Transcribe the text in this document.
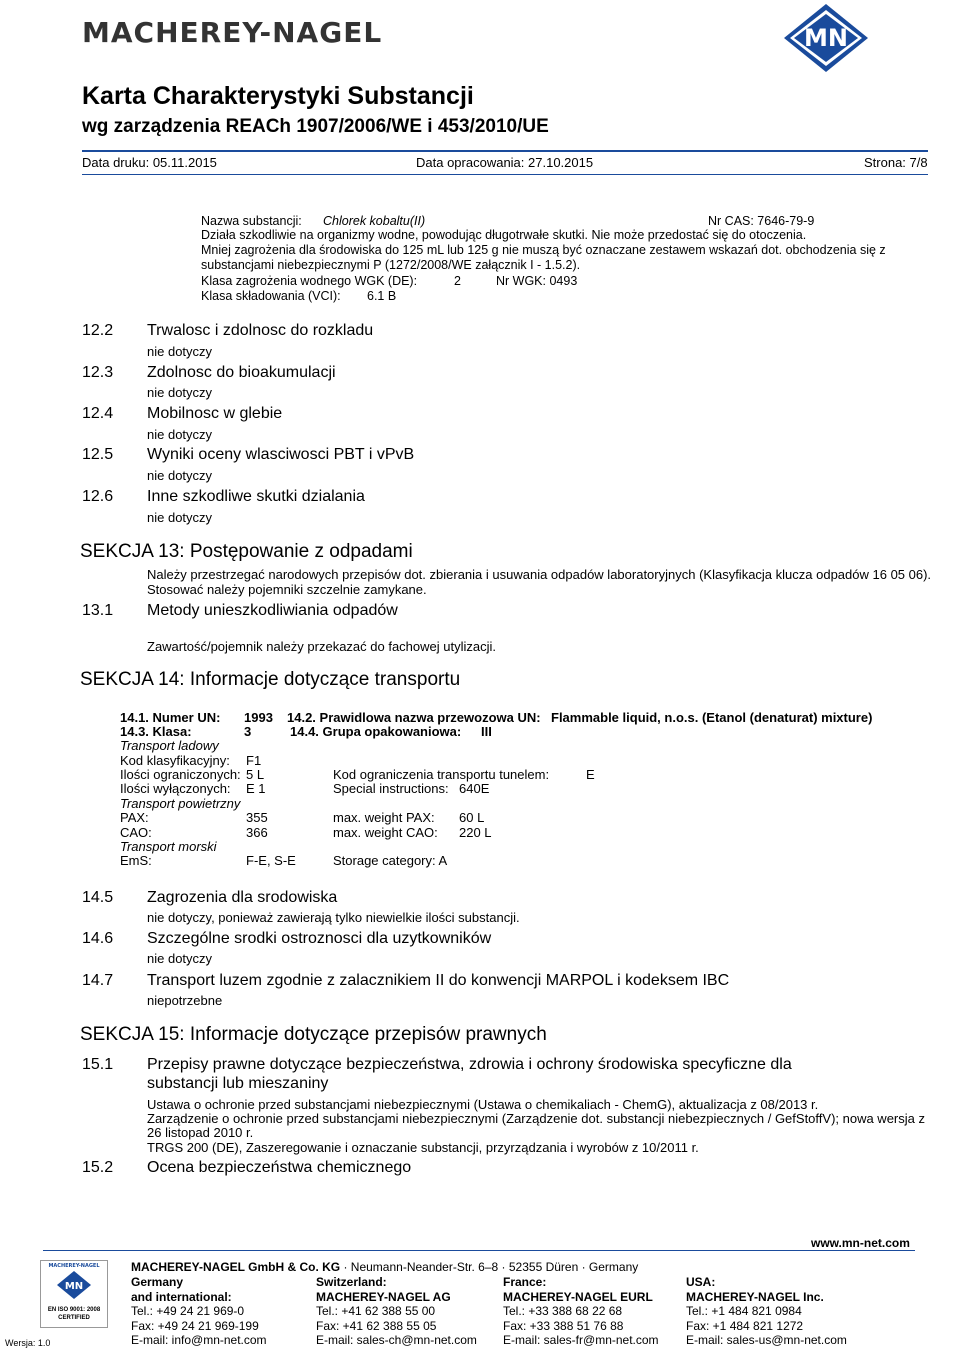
MACHEREY-NAGEL	MN
Karta Charakterystyki Substancji
wg zarządzenia REACh 1907/2006/WE i 453/2010/UE
Data druku: 05.11.2015	Data opracowania: 27.10.2015	Strona: 7/8
Nazwa substancji: Chlorek kobaltu(II)	Nr CAS: 7646-79-9
Działa szkodliwie na organizmy wodne, powodując długotrwałe skutki. Nie może przedostać się do otoczenia.
Mniej zagrożenia dla środowiska do 125 mL lub 125 g nie muszą być oznaczane zestawem wskazań dot. obchodzenia się z
substancjami niebezpiecznymi P (1272/2008/WE załącznik I - 1.5.2).
Klasa zagrożenia wodnego WGK (DE):	2	Nr WGK: 0493
Klasa składowania (VCI): 6.1 B
12.2 Trwalosc i zdolnosc do rozkladu
nie dotyczy
12.3 Zdolnosc do bioakumulacji
nie dotyczy
12.4 Mobilnosc w glebie
nie dotyczy
12.5 Wyniki oceny wlasciwosci PBT i vPvB
nie dotyczy
12.6 Inne szkodliwe skutki dzialania
nie dotyczy
SEKCJA 13: Postępowanie z odpadami
Należy przestrzegać narodowych przepisów dot. zbierania i usuwania odpadów laboratoryjnych (Klasyfikacja klucza odpadów 16 05 06).
Stosować należy pojemniki szczelnie zamykane.
13.1 Metody unieszkodliwiania odpadów
Zawartość/pojemnik należy przekazać do fachowej utylizacji.
SEKCJA 14: Informacje dotyczące transportu
14.1. Numer UN: 1993 14.2. Prawidlowa nazwa przewozowa UN: Flammable liquid, n.o.s. (Etanol (denaturat) mixture)
14.3. Klasa:	3	14.4. Grupa opakowaniowa: III
Transport ladowy
Kod klasyfikacyjny: F1
Ilości ograniczonych: 5 L	Kod ograniczenia transportu tunelem:	E
Ilości wyłączonych: E 1	Special instructions: 640E
Transport powietrzny
PAX:	355	max. weight PAX: 60 L
CAO:	366	max. weight CAO: 220 L
Transport morski
EmS:	F-E, S-E	Storage category: A
14.5 Zagrozenia dla srodowiska
nie dotyczy, ponieważ zawierają tylko niewielkie ilości substancji.
14.6 Szczególne srodki ostroznosci dla uzytkowników
nie dotyczy
14.7 Transport luzem zgodnie z zalacznikiem II do konwencji MARPOL i kodeksem IBC
niepotrzebne
SEKCJA 15: Informacje dotyczące przepisów prawnych
15.1 Przepisy prawne dotyczące bezpieczeństwa, zdrowia i ochrony środowiska specyficzne dla
substancji lub mieszaniny
Ustawa o ochronie przed substancjami niebezpiecznymi (Ustawa o chemikaliach - ChemG), aktualizacja z 08/2013 r.
Zarządzenie o ochronie przed substancjami niebezpiecznymi (Zarządzenie dot. substancji niebezpiecznych / GefStoffV); nowa wersja z
26 listopad 2010 r.
TRGS 200 (DE), Zaszeregowanie i oznaczanie substancji, przyrządzania i wyrobów z 10/2011 r.
15.2 Ocena bezpieczeństwa chemicznego
MACHEREY-NAGEL
MN
EN ISO 9001: 2008
CERTIFIED
Wersja: 1.0
MACHEREY-NAGEL GmbH & Co. KG · Neumann-Neander-Str. 6–8 · 52355 Düren · Germany
www.mn-net.com
Germany
and international:
Tel.: +49 24 21 969-0
Fax: +49 24 21 969-199
E-mail: info@mn-net.com
Switzerland:
MACHEREY-NAGEL AG
Tel.: +41 62 388 55 00
Fax: +41 62 388 55 05
E-mail: sales-ch@mn-net.com
France:
MACHEREY-NAGEL EURL
Tel.: +33 388 68 22 68
Fax: +33 388 51 76 88
E-mail: sales-fr@mn-net.com
USA:
MACHEREY-NAGEL Inc.
Tel.: +1 484 821 0984
Fax: +1 484 821 1272
E-mail: sales-us@mn-net.com
